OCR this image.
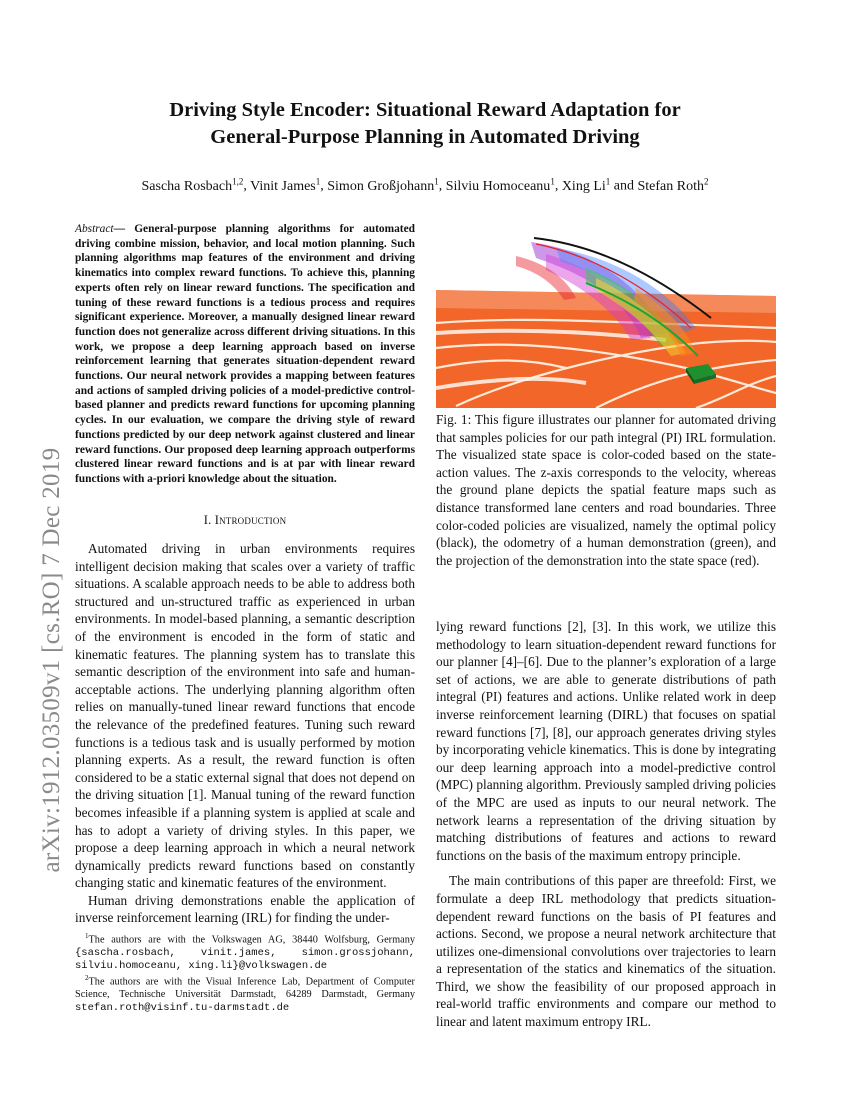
arXiv:1912.03509v1 [cs.RO] 7 Dec 2019
Driving Style Encoder: Situational Reward Adaptation for
General-Purpose Planning in Automated Driving
Sascha Rosbach$^{1,2}$, Vinit James$^1$, Simon Großjohann$^1$, Silviu Homoceanu$^1$, Xing Li$^1$ and Stefan Roth$^2$
Abstract— General-purpose planning algorithms for automated driving combine mission, behavior, and local motion planning. Such planning algorithms map features of the environment and driving kinematics into complex reward functions. To achieve this, planning experts often rely on linear reward functions. The specification and tuning of these reward functions is a tedious process and requires significant experience. Moreover, a manually designed linear reward function does not generalize across different driving situations. In this work, we propose a deep learning approach based on inverse reinforcement learning that generates situation-dependent reward functions. Our neural network provides a mapping between features and actions of sampled driving policies of a model-predictive control-based planner and predicts reward functions for upcoming planning cycles. In our evaluation, we compare the driving style of reward functions predicted by our deep network against clustered and linear reward functions. Our proposed deep learning approach outperforms clustered linear reward functions and is at par with linear reward functions with a-priori knowledge about the situation.
I. Introduction

Automated driving in urban environments requires intelligent decision making that scales over a variety of traffic situations. A scalable approach needs to be able to address both structured and un-structured traffic as experienced in urban environments. In model-based planning, a semantic description of the environment is encoded in the form of static and kinematic features. The planning system has to translate this semantic description of the environment into safe and human-acceptable actions. The underlying planning algorithm often relies on manually-tuned linear reward functions that encode the relevance of the predefined features. Tuning such reward functions is a tedious task and is usually performed by motion planning experts. As a result, the reward function is often considered to be a static external signal that does not depend on the driving situation [1]. Manual tuning of the reward function becomes infeasible if a planning system is applied at scale and has to adopt a variety of driving styles. In this paper, we propose a deep learning approach in which a neural network dynamically predicts reward functions based on constantly changing static and kinematic features of the environment.

Human driving demonstrations enable the application of inverse reinforcement learning (IRL) for finding the under-

$^1$The authors are with the Volkswagen AG, 38440 Wolfsburg, Germany {sascha.rosbach, vinit.james, simon.grossjohann, silviu.homoceanu, xing.li}@volkswagen.de

$^2$The authors are with the Visual Inference Lab, Department of Computer Science, Technische Universität Darmstadt, 64289 Darmstadt, Germany stefan.roth@visinf.tu-darmstadt.de

Fig. 1: This figure illustrates our planner for automated driving that samples policies for our path integral (PI) IRL formulation. The visualized state space is color-coded based on the state-action values. The z-axis corresponds to the velocity, whereas the ground plane depicts the spatial feature maps such as distance transformed lane centers and road boundaries. Three color-coded policies are visualized, namely the optimal policy (black), the odometry of a human demonstration (green), and the projection of the demonstration into the state space (red).

lying reward functions [2], [3]. In this work, we utilize this methodology to learn situation-dependent reward functions for our planner [4]–[6]. Due to the planner’s exploration of a large set of actions, we are able to generate distributions of path integral (PI) features and actions. Unlike related work in deep inverse reinforcement learning (DIRL) that focuses on spatial reward functions [7], [8], our approach generates driving styles by incorporating vehicle kinematics. This is done by integrating our deep learning approach into a model-predictive control (MPC) planning algorithm. Previously sampled driving policies of the MPC are used as inputs to our neural network. The network learns a representation of the driving situation by matching distributions of features and actions to reward functions on the basis of the maximum entropy principle.

The main contributions of this paper are threefold: First, we formulate a deep IRL methodology that predicts situation-dependent reward functions on the basis of PI features and actions. Second, we propose a neural network architecture that utilizes one-dimensional convolutions over trajectories to learn a representation of the statics and kinematics of the situation. Third, we show the feasibility of our proposed approach in real-world traffic environments and compare our method to linear and latent maximum entropy IRL.
